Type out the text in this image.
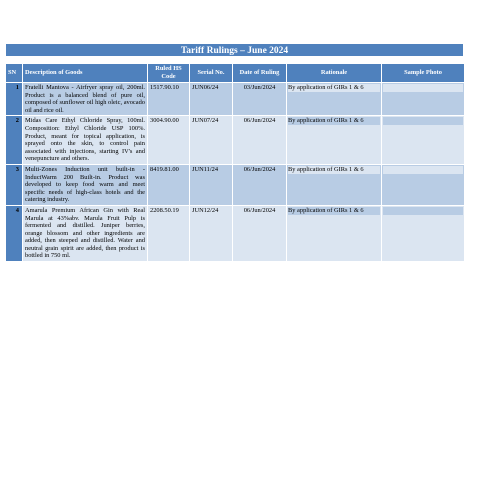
Tariff Rulings – June 2024
SN	Description of Goods	Ruled HS Code	Serial No.	Date of Ruling	Rationale	Sample Photo
1	Fratelli Mantova - Airfryer spray oil, 200ml. Product is a balanced blend of pure oil, composed of sunflower oil high oleic, avocado oil and rice oil.	1517.90.10	JUN06/24	03/Jun/2024	By application of GIRs 1 & 6	

2	Midas Care Ethyl Chloride Spray, 100ml. Composition: Ethyl Chloride USP 100%. Product, meant for topical application, is sprayed onto the skin, to control pain associated with injections, starting IV's and venepuncture and others.	3004.90.00	JUN07/24	06/Jun/2024	By application of GIRs 1 & 6	

3	Multi-Zones Induction unit built-in - InductWarm 200 Built-in. Product was developed to keep food warm and meet specific needs of high-class hotels and the catering industry.	8419.81.00	JUN11/24	06/Jun/2024	By application of GIRs 1 & 6	

4	Amarula Premium African Gin with Real Marula at 43%abv. Marula Fruit Pulp is fermented and distilled. Juniper berries, orange blossom and other ingredients are added, then steeped and distilled. Water and neutral grain spirit are added, then product is bottled in 750 ml.	2208.50.19	JUN12/24	06/Jun/2024	By application of GIRs 1 & 6	
